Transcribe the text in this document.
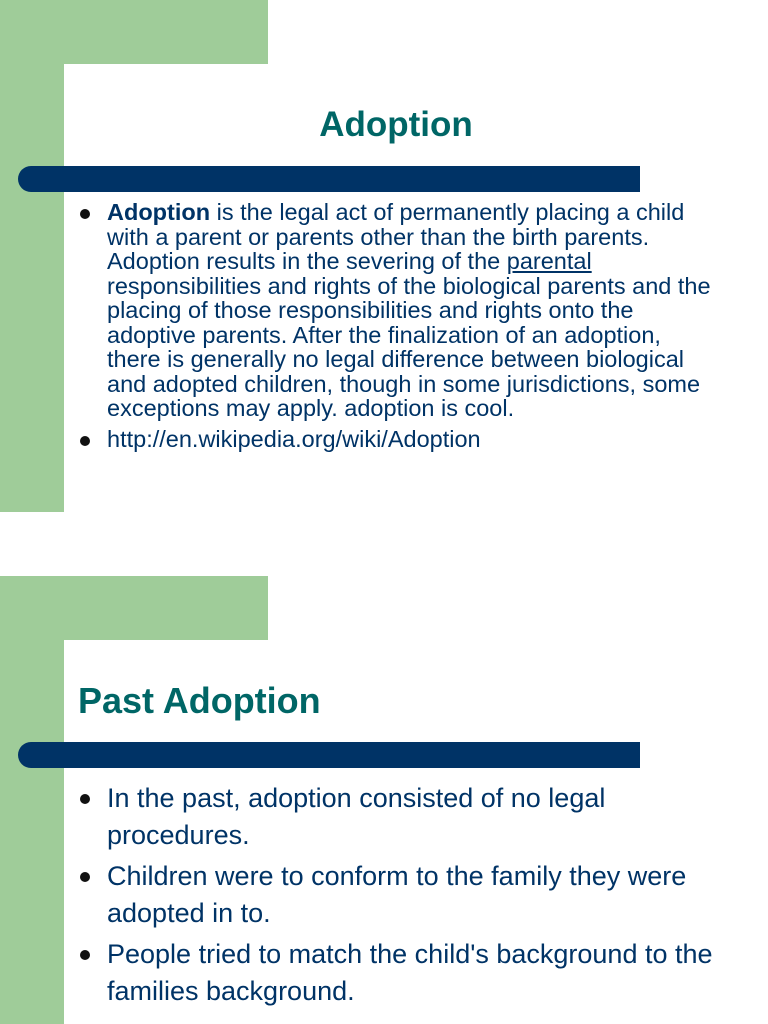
Adoption
Adoption is the legal act of permanently placing a child with a parent or parents other than the birth parents. Adoption results in the severing of the parental responsibilities and rights of the biological parents and the placing of those responsibilities and rights onto the adoptive parents. After the finalization of an adoption, there is generally no legal difference between biological and adopted children, though in some jurisdictions, some exceptions may apply. adoption is cool.
http://en.wikipedia.org/wiki/Adoption
Past Adoption
In the past, adoption consisted of no legal procedures.
Children were to conform to the family they were adopted in to.
People tried to match the child's background to the families background.
